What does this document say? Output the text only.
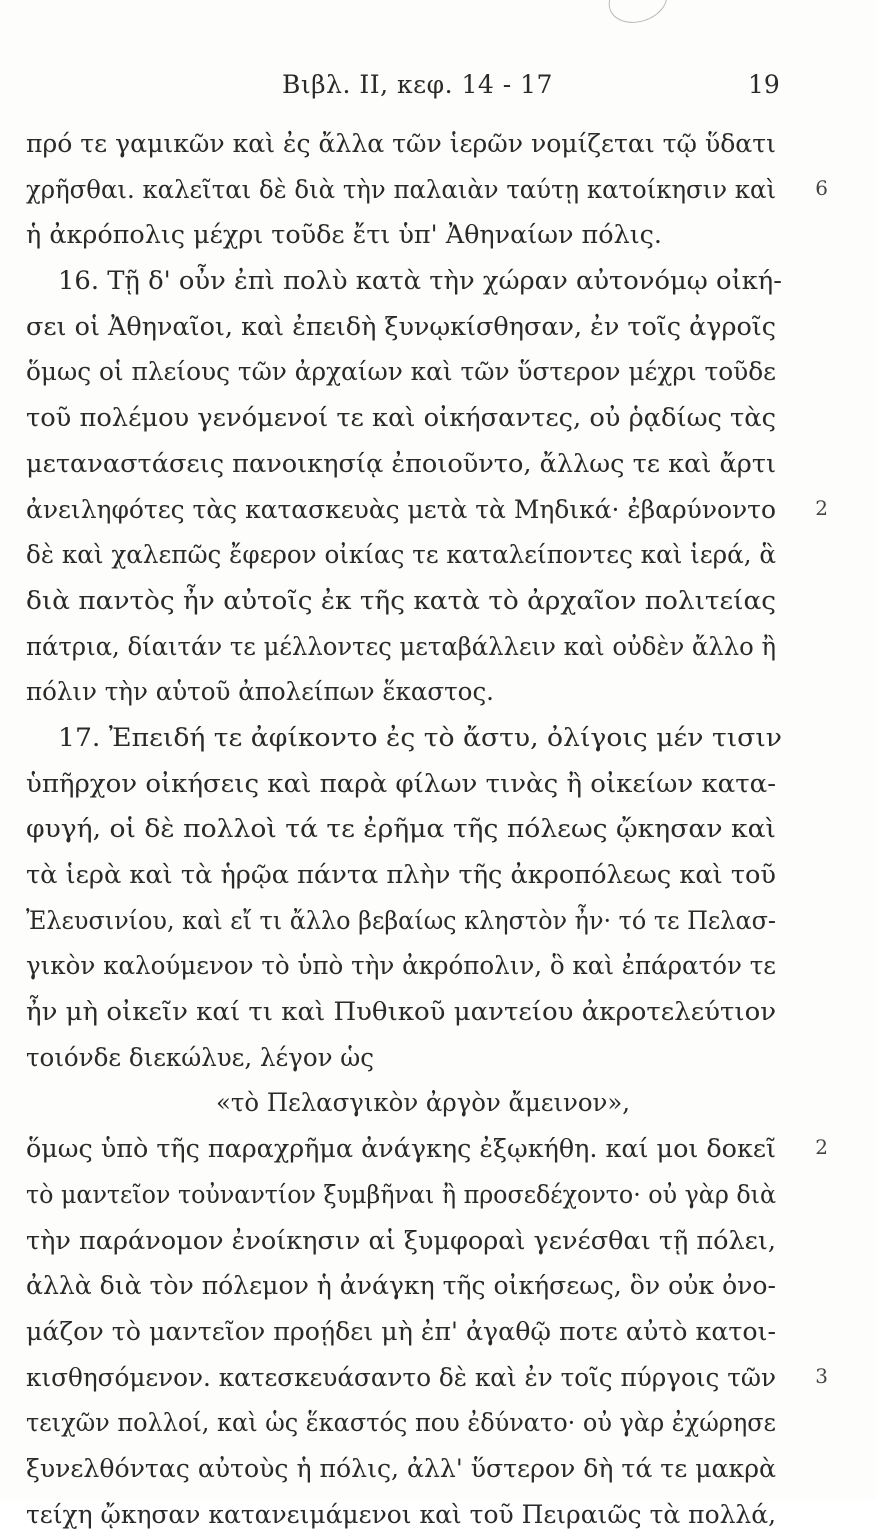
Βιβλ. II, κεφ. 14 - 17	19
πρό τε γαμικῶν καὶ ἐς ἄλλα τῶν ἱερῶν νομίζεται τῷ ὕδατι
χρῆσθαι. καλεῖται δὲ διὰ τὴν παλαιὰν ταύτῃ κατοίκησιν καὶ	6
ἡ ἀκρόπολις μέχρι τοῦδε ἔτι ὑπ' Ἀθηναίων πόλις.
16. Τῇ δ' οὖν ἐπὶ πολὺ κατὰ τὴν χώραν αὐτονόμῳ οἰκή-
σει οἱ Ἀθηναῖοι, καὶ ἐπειδὴ ξυνῳκίσθησαν, ἐν τοῖς ἀγροῖς
ὅμως οἱ πλείους τῶν ἀρχαίων καὶ τῶν ὕστερον μέχρι τοῦδε
τοῦ πολέμου γενόμενοί τε καὶ οἰκήσαντες, οὐ ῥᾳδίως τὰς
μεταναστάσεις πανοικησίᾳ ἐποιοῦντο, ἄλλως τε καὶ ἄρτι
ἀνειληφότες τὰς κατασκευὰς μετὰ τὰ Μηδικά· ἐβαρύνοντο	2
δὲ καὶ χαλεπῶς ἔφερον οἰκίας τε καταλείποντες καὶ ἱερά, ἃ
διὰ παντὸς ἦν αὐτοῖς ἐκ τῆς κατὰ τὸ ἀρχαῖον πολιτείας
πάτρια, δίαιτάν τε μέλλοντες μεταβάλλειν καὶ οὐδὲν ἄλλο ἢ
πόλιν τὴν αὑτοῦ ἀπολείπων ἕκαστος.
17. Ἐπειδή τε ἀφίκοντο ἐς τὸ ἄστυ, ὀλίγοις μέν τισιν
ὑπῆρχον οἰκήσεις καὶ παρὰ φίλων τινὰς ἢ οἰκείων κατα-
φυγή, οἱ δὲ πολλοὶ τά τε ἐρῆμα τῆς πόλεως ᾤκησαν καὶ
τὰ ἱερὰ καὶ τὰ ἡρῷα πάντα πλὴν τῆς ἀκροπόλεως καὶ τοῦ
Ἐλευσινίου, καὶ εἴ τι ἄλλο βεβαίως κληστὸν ἦν· τό τε Πελασ-
γικὸν καλούμενον τὸ ὑπὸ τὴν ἀκρόπολιν, ὃ καὶ ἐπάρατόν τε
ἦν μὴ οἰκεῖν καί τι καὶ Πυθικοῦ μαντείου ἀκροτελεύτιον
τοιόνδε διεκώλυε, λέγον ὡς
«τὸ Πελασγικὸν ἀργὸν ἄμεινον»,
ὅμως ὑπὸ τῆς παραχρῆμα ἀνάγκης ἐξῳκήθη. καί μοι δοκεῖ	2
τὸ μαντεῖον τοὐναντίον ξυμβῆναι ἢ προσεδέχοντο· οὐ γὰρ διὰ
τὴν παράνομον ἐνοίκησιν αἱ ξυμφοραὶ γενέσθαι τῇ πόλει,
ἀλλὰ διὰ τὸν πόλεμον ἡ ἀνάγκη τῆς οἰκήσεως, ὃν οὐκ ὀνο-
μάζον τὸ μαντεῖον προῄδει μὴ ἐπ' ἀγαθῷ ποτε αὐτὸ κατοι-
κισθησόμενον. κατεσκευάσαντο δὲ καὶ ἐν τοῖς πύργοις τῶν	3
τειχῶν πολλοί, καὶ ὡς ἕκαστός που ἐδύνατο· οὐ γὰρ ἐχώρησε
ξυνελθόντας αὐτοὺς ἡ πόλις, ἀλλ' ὕστερον δὴ τά τε μακρὰ
τείχη ᾤκησαν κατανειμάμενοι καὶ τοῦ Πειραιῶς τὰ πολλά,
